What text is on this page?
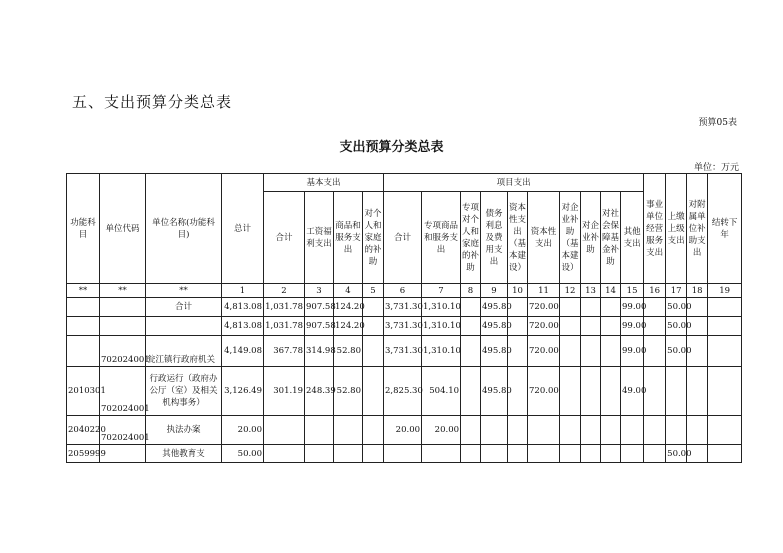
五、支出预算分类总表
预算05表
支出预算分类总表
单位：万元
功能科目	单位代码	单位名称(功能科目)	总计	基本支出				项目支出										事业单位经营服务支出	上缴上级支出	对附属单位补助支出	结转下年
				合计	工资福利支出	商品和服务支出	对个人和家庭的补助	合计	专项商品和服务支出	专项对个人和家庭的补助	债务利息及费用支出	资本性支出（基本建设）	资本性支出	对企业补助（基本建设）	对企业补助	对社会保障基金补助	其他支出				
**	**	**	1	2	3	4	5	6	7	8	9	10	11	12	13	14	15	16	17	18	19
		合计	4,813.08	1,031.78	907.58	124.20		3,731.30	1,310.10		495.80		720.00				99.00		50.00		
			4,813.08	1,031.78	907.58	124.20		3,731.30	1,310.10		495.80		720.00				99.00		50.00		
	702024001	瓮江镇行政府机关	4,149.08	367.78	314.98	52.80		3,731.30	1,310.10		495.80		720.00				99.00		50.00		
2010301	702024001	行政运行（政府办公厅（室）及相关机构事务）	3,126.49	301.19	248.39	52.80		2,825.30	504.10		495.80		720.00				49.00				
2040220	702024001	执法办案	20.00					20.00	20.00												
2059999		其他教育支	50.00																50.00		
